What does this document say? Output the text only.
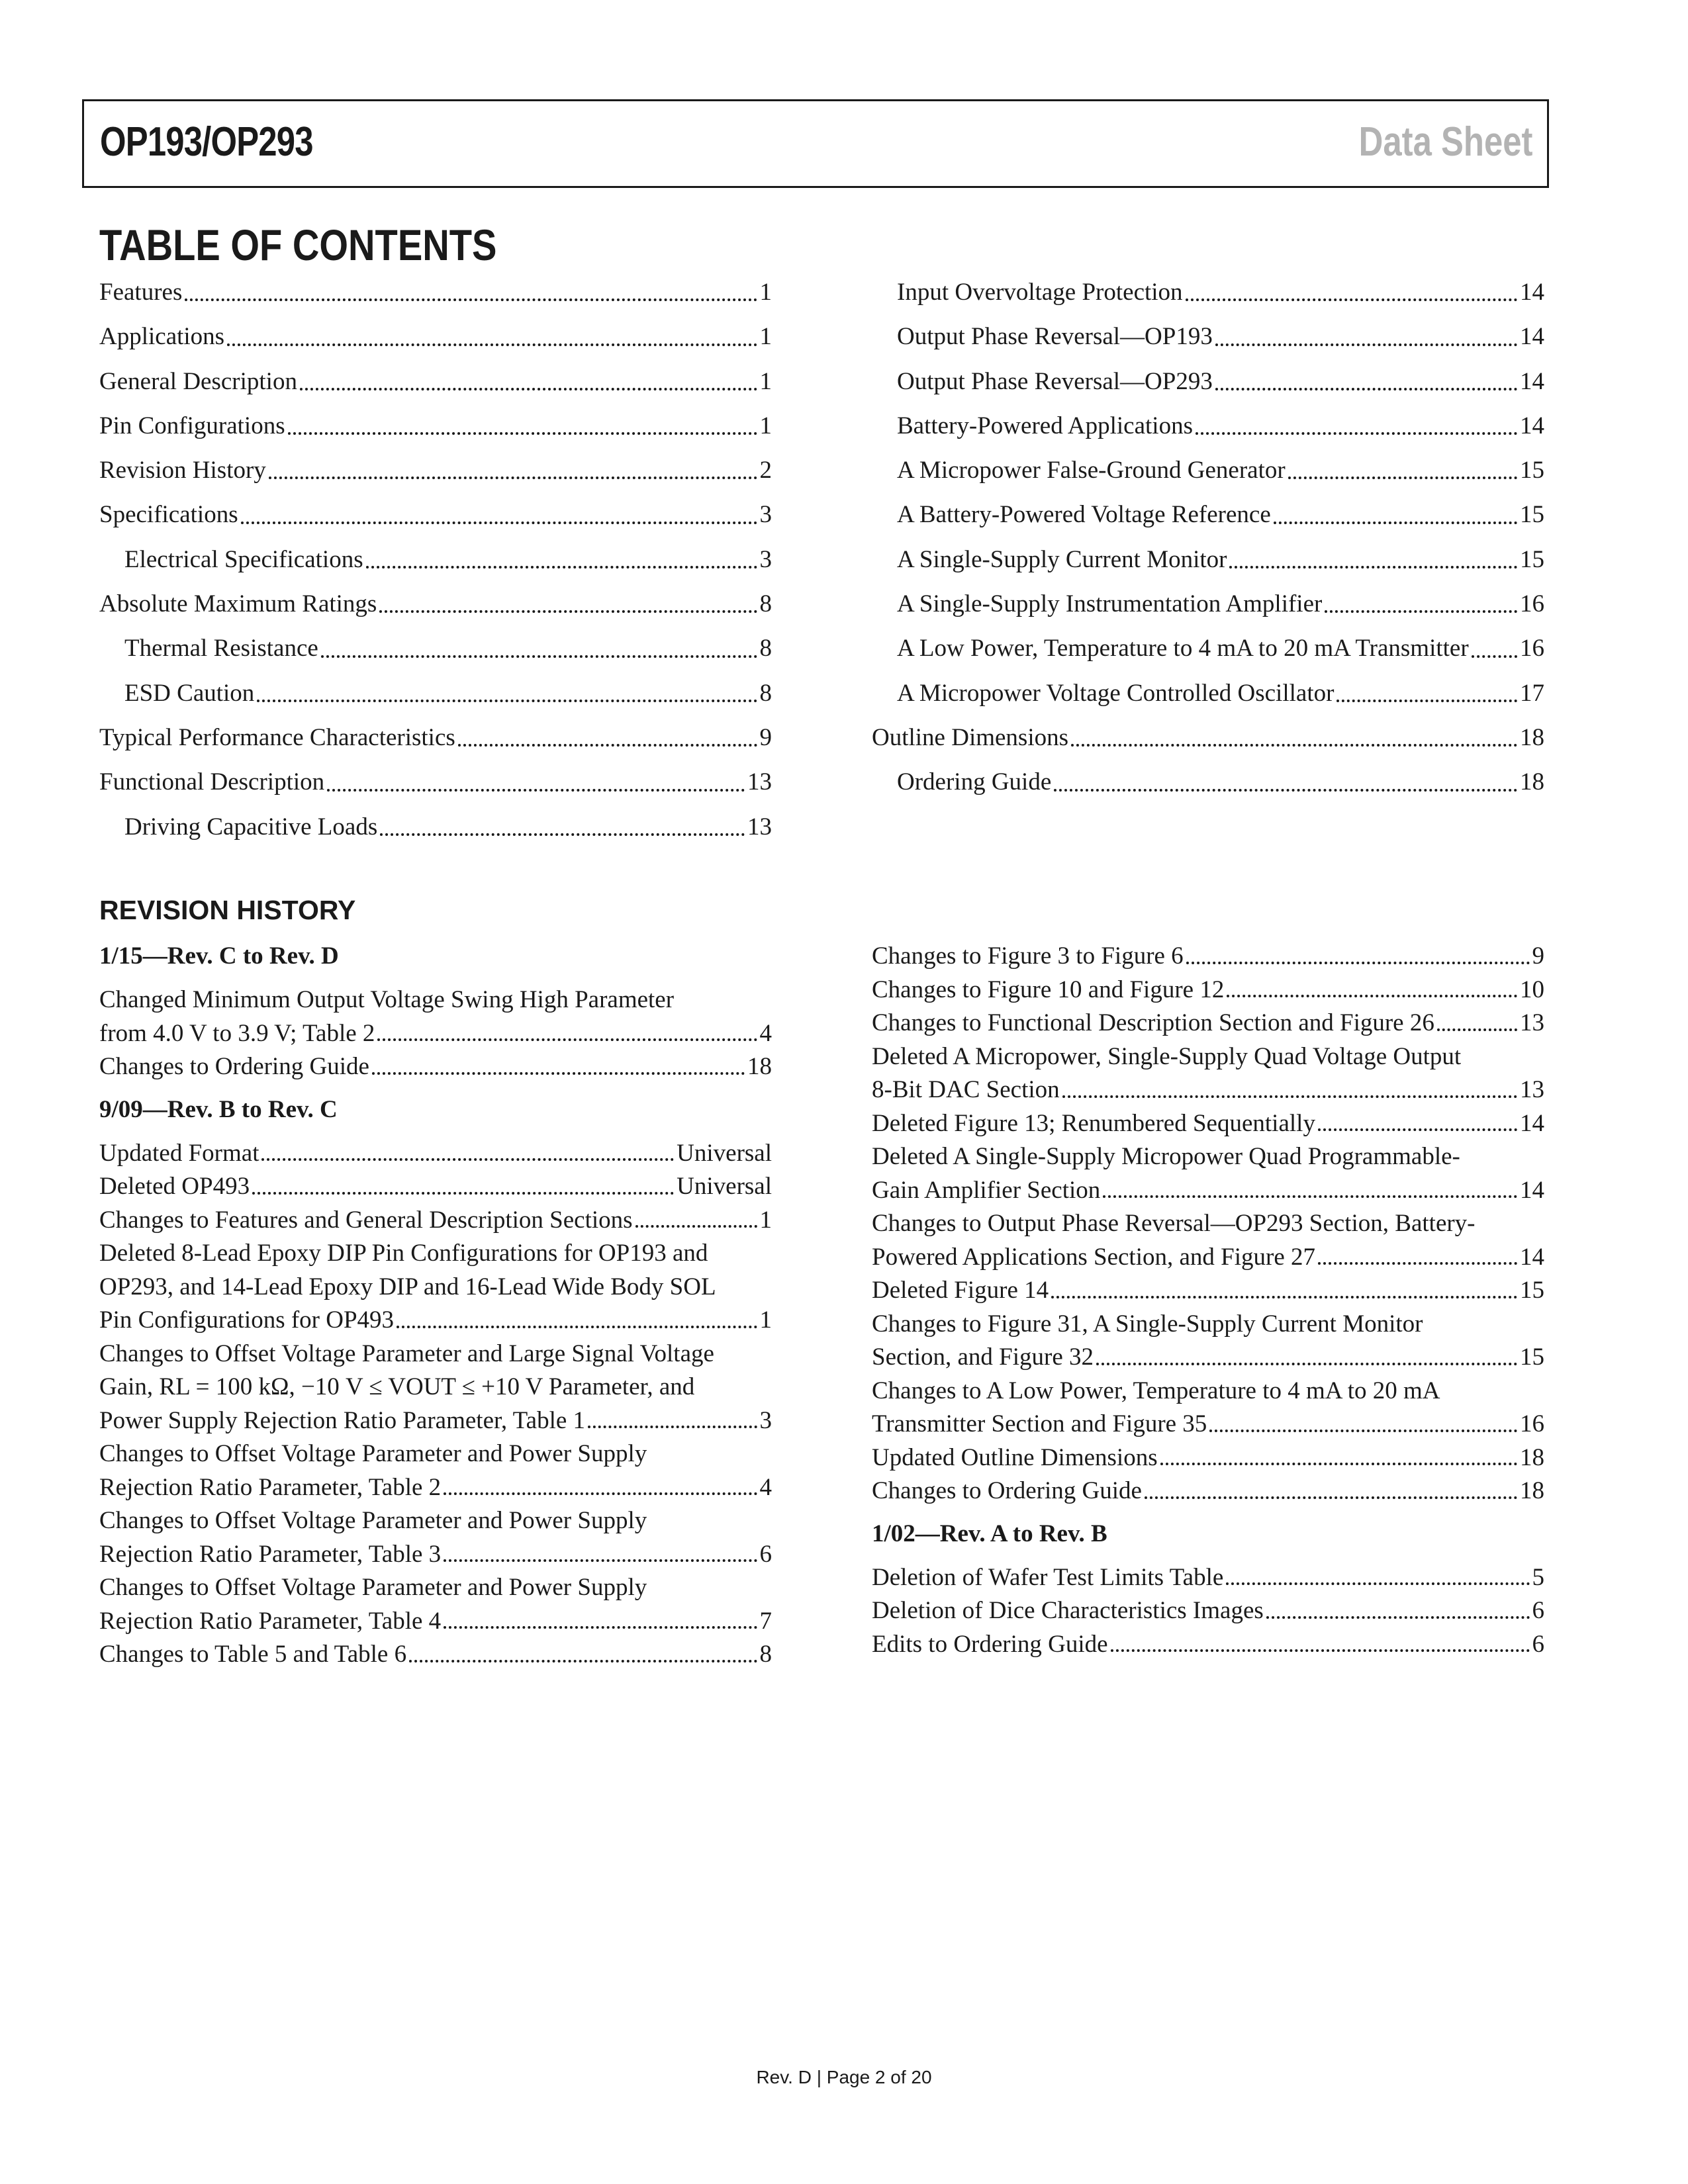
OP193/OP293	Data Sheet
TABLE OF CONTENTS
Features	1
Applications	1
General Description	1
Pin Configurations	1
Revision History	2
Specifications	3
Electrical Specifications	3
Absolute Maximum Ratings	8
Thermal Resistance	8
ESD Caution	8
Typical Performance Characteristics	9
Functional Description	13
Driving Capacitive Loads	13
Input Overvoltage Protection	14
Output Phase Reversal—OP193	14
Output Phase Reversal—OP293	14
Battery-Powered Applications	14
A Micropower False-Ground Generator	15
A Battery-Powered Voltage Reference	15
A Single-Supply Current Monitor	15
A Single-Supply Instrumentation Amplifier	16
A Low Power, Temperature to 4 mA to 20 mA Transmitter 16
A Micropower Voltage Controlled Oscillator	17
Outline Dimensions	18
Ordering Guide	18
REVISION HISTORY
1/15—Rev. C to Rev. D
Changed Minimum Output Voltage Swing High Parameter
from 4.0 V to 3.9 V; Table 2	4
Changes to Ordering Guide	18
9/09—Rev. B to Rev. C
Updated Format	Universal
Deleted OP493	Universal
Changes to Features and General Description Sections	1
Deleted 8-Lead Epoxy DIP Pin Configurations for OP193 and
OP293, and 14-Lead Epoxy DIP and 16-Lead Wide Body SOL
Pin Configurations for OP493	1
Changes to Offset Voltage Parameter and Large Signal Voltage
Gain, RL = 100 kΩ, −10 V ≤ VOUT ≤ +10 V Parameter, and
Power Supply Rejection Ratio Parameter, Table 1	3
Changes to Offset Voltage Parameter and Power Supply
Rejection Ratio Parameter, Table 2	4
Changes to Offset Voltage Parameter and Power Supply
Rejection Ratio Parameter, Table 3	6
Changes to Offset Voltage Parameter and Power Supply
Rejection Ratio Parameter, Table 4	7
Changes to Table 5 and Table 6	8
Changes to Figure 3 to Figure 6	9
Changes to Figure 10 and Figure 12	10
Changes to Functional Description Section and Figure 26	13
Deleted A Micropower, Single-Supply Quad Voltage Output
8-Bit DAC Section	13
Deleted Figure 13; Renumbered Sequentially	14
Deleted A Single-Supply Micropower Quad Programmable-
Gain Amplifier Section	14
Changes to Output Phase Reversal—OP293 Section, Battery-
Powered Applications Section, and Figure 27	14
Deleted Figure 14	15
Changes to Figure 31, A Single-Supply Current Monitor
Section, and Figure 32	15
Changes to A Low Power, Temperature to 4 mA to 20 mA
Transmitter Section and Figure 35	16
Updated Outline Dimensions	18
Changes to Ordering Guide	18
1/02—Rev. A to Rev. B
Deletion of Wafer Test Limits Table	5
Deletion of Dice Characteristics Images	6
Edits to Ordering Guide	6
Rev. D | Page 2 of 20
